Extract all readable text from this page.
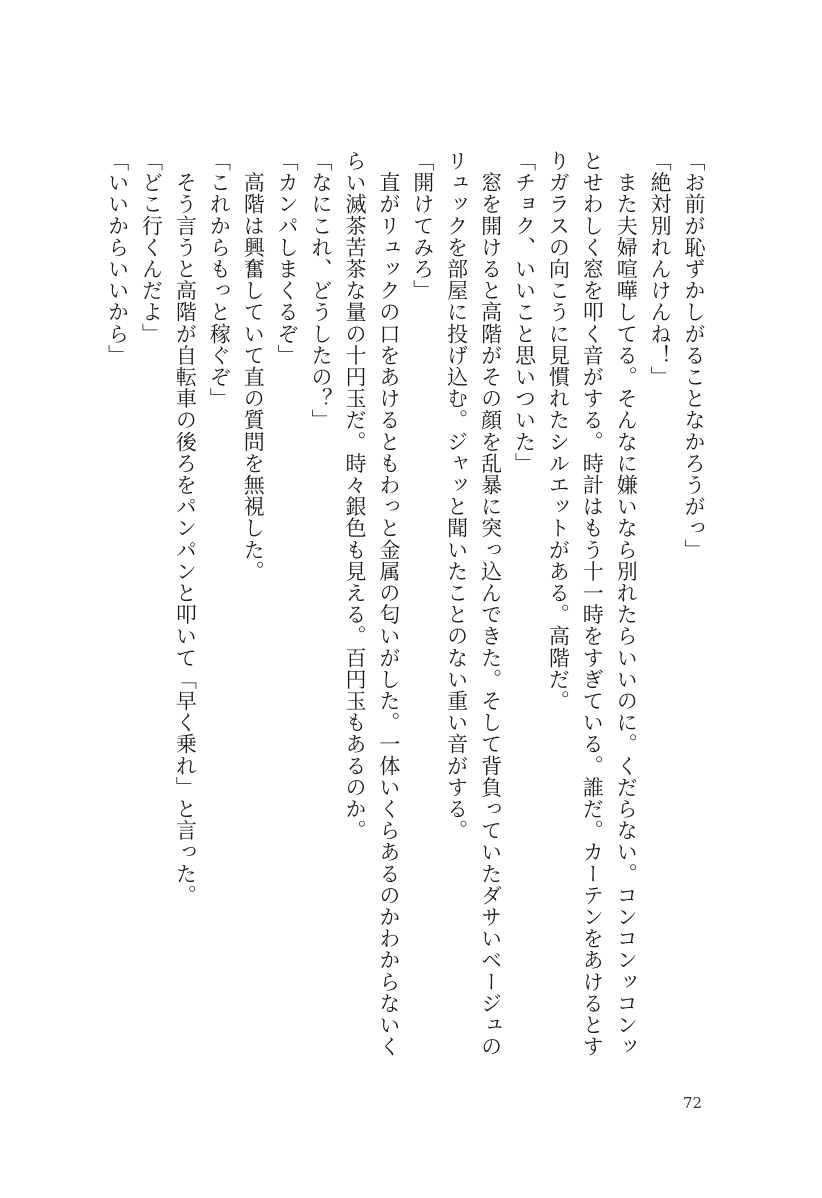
「お前が恥ずかしがることなかろうがっ」
「絶対別れんけんね！」
　また夫婦喧嘩してる。そんなに嫌いなら別れたらいいのに。くだらない。コンコンッコンッ
とせわしく窓を叩く音がする。時計はもう十一時をすぎている。誰だ。カーテンをあけるとす
りガラスの向こうに見慣れたシルエットがある。高階だ。
「チョク、いいこと思いついた」
　窓を開けると高階がその顔を乱暴に突っ込んできた。そして背負っていたダサいベージュの
リュックを部屋に投げ込む。ジャッと聞いたことのない重い音がする。
「開けてみろ」
　直がリュックの口をあけるともわっと金属の匂いがした。一体いくらあるのかわからないく
らい滅茶苦茶な量の十円玉だ。時々銀色も見える。百円玉もあるのか。
「なにこれ、どうしたの？」
「カンパしまくるぞ」
　高階は興奮していて直の質問を無視した。
「これからもっと稼ぐぞ」
　そう言うと高階が自転車の後ろをパンパンと叩いて「早く乗れ」と言った。
「どこ行くんだよ」
「いいからいいから」
72
